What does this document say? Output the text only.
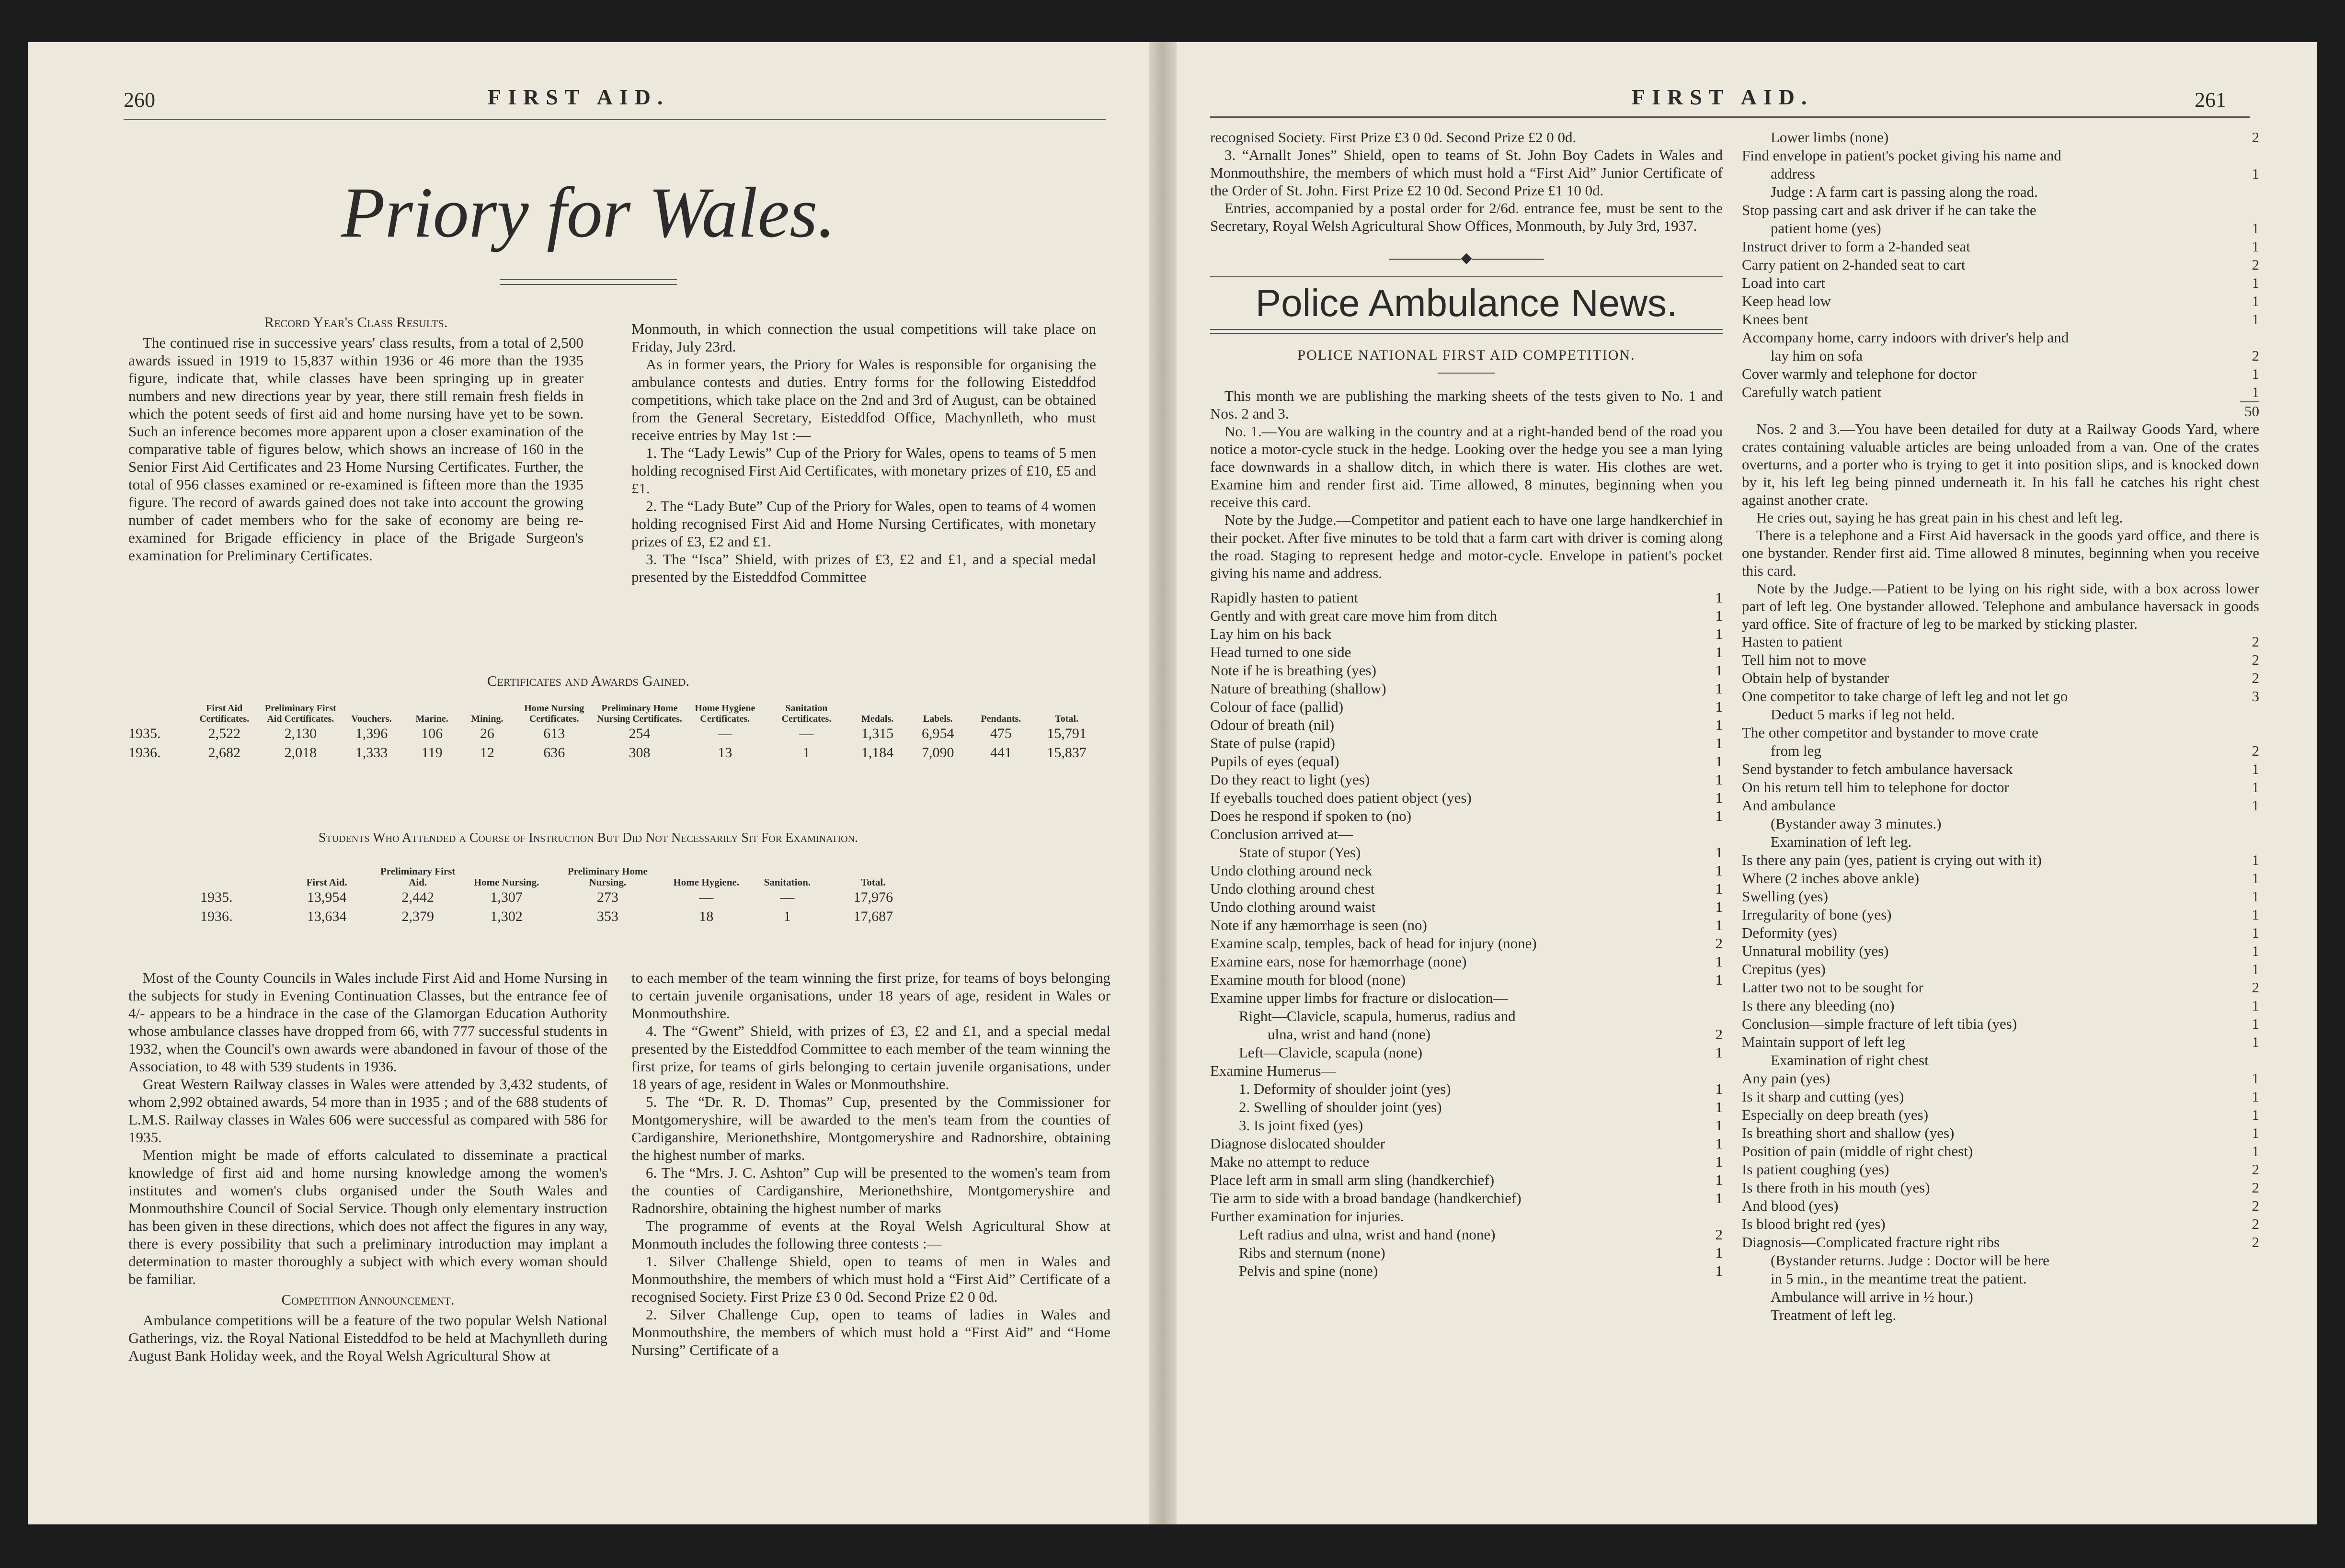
260	FIRST AID.
Priory for Wales.
Record Year's Class Results.

The continued rise in successive years' class results, from a total of 2,500 awards issued in 1919 to 15,837 within 1936 or 46 more than the 1935 figure, indicate that, while classes have been springing up in greater numbers and new directions year by year, there still remain fresh fields in which the potent seeds of first aid and home nursing have yet to be sown. Such an inference becomes more apparent upon a closer examination of the comparative table of figures below, which shows an increase of 160 in the Senior First Aid Certificates and 23 Home Nursing Certificates. Further, the total of 956 classes examined or re-examined is fifteen more than the 1935 figure. The record of awards gained does not take into account the growing number of cadet members who for the sake of economy are being re-examined for Brigade efficiency in place of the Brigade Surgeon's examination for Preliminary Certificates.

Monmouth, in which connection the usual competitions will take place on Friday, July 23rd.

As in former years, the Priory for Wales is responsible for organising the ambulance contests and duties. Entry forms for the following Eisteddfod competitions, which take place on the 2nd and 3rd of August, can be obtained from the General Secretary, Eisteddfod Office, Machynlleth, who must receive entries by May 1st :—

1. The “Lady Lewis” Cup of the Priory for Wales, opens to teams of 5 men holding recognised First Aid Certificates, with monetary prizes of £10, £5 and £1.

2. The “Lady Bute” Cup of the Priory for Wales, open to teams of 4 women holding recognised First Aid and Home Nursing Certificates, with monetary prizes of £3, £2 and £1.

3. The “Isca” Shield, with prizes of £3, £2 and £1, and a special medal presented by the Eisteddfod Committee

Certificates and Awards Gained.
	First Aid Certificates.	Preliminary First Aid Certificates.	Vouchers.	Marine.	Mining.	Home Nursing Certificates.	Preliminary Home Nursing Certificates.	Home Hygiene Certificates.	Sanitation Certificates.	Medals.	Labels.	Pendants.	Total.
1935.	2,522	2,130	1,396	106	26	613	254	—	—	1,315	6,954	475	15,791
1936.	2,682	2,018	1,333	119	12	636	308	13	1	1,184	7,090	441	15,837
Students Who Attended a Course of Instruction But Did Not Necessarily Sit For Examination.
	First Aid.	Preliminary First Aid.	Home Nursing.	Preliminary Home Nursing.	Home Hygiene.	Sanitation.	Total.
1935.	13,954	2,442	1,307	273	—	—	17,976
1936.	13,634	2,379	1,302	353	18	1	17,687

Most of the County Councils in Wales include First Aid and Home Nursing in the subjects for study in Evening Continuation Classes, but the entrance fee of 4/- appears to be a hindrace in the case of the Glamorgan Education Authority whose ambulance classes have dropped from 66, with 777 successful students in 1932, when the Council's own awards were abandoned in favour of those of the Association, to 48 with 539 students in 1936.

Great Western Railway classes in Wales were attended by 3,432 students, of whom 2,992 obtained awards, 54 more than in 1935 ; and of the 688 students of L.M.S. Railway classes in Wales 606 were successful as compared with 586 for 1935.

Mention might be made of efforts calculated to disseminate a practical knowledge of first aid and home nursing knowledge among the women's institutes and women's clubs organised under the South Wales and Monmouthshire Council of Social Service. Though only elementary instruction has been given in these directions, which does not affect the figures in any way, there is every possibility that such a preliminary introduction may implant a determination to master thoroughly a subject with which every woman should be familiar.

Competition Announcement.

Ambulance competitions will be a feature of the two popular Welsh National Gatherings, viz. the Royal National Eisteddfod to be held at Machynlleth during August Bank Holiday week, and the Royal Welsh Agricultural Show at

to each member of the team winning the first prize, for teams of boys belonging to certain juvenile organisations, under 18 years of age, resident in Wales or Monmouthshire.

4. The “Gwent” Shield, with prizes of £3, £2 and £1, and a special medal presented by the Eisteddfod Committee to each member of the team winning the first prize, for teams of girls belonging to certain juvenile organisations, under 18 years of age, resident in Wales or Monmouthshire.

5. The “Dr. R. D. Thomas” Cup, presented by the Commissioner for Montgomeryshire, will be awarded to the men's team from the counties of Cardiganshire, Merionethshire, Montgomeryshire and Radnorshire, obtaining the highest number of marks.

6. The “Mrs. J. C. Ashton” Cup will be presented to the women's team from the counties of Cardiganshire, Merionethshire, Montgomeryshire and Radnorshire, obtaining the highest number of marks

The programme of events at the Royal Welsh Agricultural Show at Monmouth includes the following three contests :—

1. Silver Challenge Shield, open to teams of men in Wales and Monmouthshire, the members of which must hold a “First Aid” Certificate of a recognised Society. First Prize £3 0 0d. Second Prize £2 0 0d.

2. Silver Challenge Cup, open to teams of ladies in Wales and Monmouthshire, the members of which must hold a “First Aid” and “Home Nursing” Certificate of a

FIRST AID.	261

recognised Society. First Prize £3 0 0d. Second Prize £2 0 0d.

3. “Arnallt Jones” Shield, open to teams of St. John Boy Cadets in Wales and Monmouthshire, the members of which must hold a “First Aid” Junior Certificate of the Order of St. John. First Prize £2 10 0d. Second Prize £1 10 0d.

Entries, accompanied by a postal order for 2/6d. entrance fee, must be sent to the Secretary, Royal Welsh Agricultural Show Offices, Monmouth, by July 3rd, 1937.

—————◆—————
Police Ambulance News.
POLICE NATIONAL FIRST AID COMPETITION.

This month we are publishing the marking sheets of the tests given to No. 1 and Nos. 2 and 3.

No. 1.—You are walking in the country and at a right-handed bend of the road you notice a motor-cycle stuck in the hedge. Looking over the hedge you see a man lying face downwards in a shallow ditch, in which there is water. His clothes are wet. Examine him and render first aid. Time allowed, 8 minutes, beginning when you receive this card.

Note by the Judge.—Competitor and patient each to have one large handkerchief in their pocket. After five minutes to be told that a farm cart with driver is coming along the road. Staging to represent hedge and motor-cycle. Envelope in patient's pocket giving his name and address.

Rapidly hasten to patient	1
Gently and with great care move him from ditch	1
Lay him on his back	1
Head turned to one side	1
Note if he is breathing (yes)	1
Nature of breathing (shallow)	1
Colour of face (pallid)	1
Odour of breath (nil)	1
State of pulse (rapid)	1
Pupils of eyes (equal)	1
Do they react to light (yes)	1
If eyeballs touched does patient object (yes)	1
Does he respond if spoken to (no)	1
Conclusion arrived at—
State of stupor (Yes)	1
Undo clothing around neck	1
Undo clothing around chest	1
Undo clothing around waist	1
Note if any hæmorrhage is seen (no)	1
Examine scalp, temples, back of head for injury (none)	2
Examine ears, nose for hæmorrhage (none)	1
Examine mouth for blood (none)	1
Examine upper limbs for fracture or dislocation—
Right—Clavicle, scapula, humerus, radius and
ulna, wrist and hand (none)	2
Left—Clavicle, scapula (none)	1
Examine Humerus—
1. Deformity of shoulder joint (yes)	1
2. Swelling of shoulder joint (yes)	1
3. Is joint fixed (yes)	1
Diagnose dislocated shoulder	1
Make no attempt to reduce	1
Place left arm in small arm sling (handkerchief)	1
Tie arm to side with a broad bandage (handkerchief)	1
Further examination for injuries.
Left radius and ulna, wrist and hand (none)	2
Ribs and sternum (none)	1
Pelvis and spine (none)	1
Lower limbs (none)	2
Find envelope in patient's pocket giving his name and
address	1
Judge : A farm cart is passing along the road.
Stop passing cart and ask driver if he can take the
patient home (yes)	1
Instruct driver to form a 2-handed seat	1
Carry patient on 2-handed seat to cart	2
Load into cart	1
Keep head low	1
Knees bent	1
Accompany home, carry indoors with driver's help and
lay him on sofa	2
Cover warmly and telephone for doctor	1
Carefully watch patient	1
50

Nos. 2 and 3.—You have been detailed for duty at a Railway Goods Yard, where crates containing valuable articles are being unloaded from a van. One of the crates overturns, and a porter who is trying to get it into position slips, and is knocked down by it, his left leg being pinned underneath it. In his fall he catches his right chest against another crate.

He cries out, saying he has great pain in his chest and left leg.

There is a telephone and a First Aid haversack in the goods yard office, and there is one bystander. Render first aid. Time allowed 8 minutes, beginning when you receive this card.

Note by the Judge.—Patient to be lying on his right side, with a box across lower part of left leg. One bystander allowed. Telephone and ambulance haversack in goods yard office. Site of fracture of leg to be marked by sticking plaster.

Hasten to patient	2
Tell him not to move	2
Obtain help of bystander	2
One competitor to take charge of left leg and not let go	3
Deduct 5 marks if leg not held.
The other competitor and bystander to move crate
from leg	2
Send bystander to fetch ambulance haversack	1
On his return tell him to telephone for doctor	1
And ambulance	1
(Bystander away 3 minutes.)
Examination of left leg.
Is there any pain (yes, patient is crying out with it)	1
Where (2 inches above ankle)	1
Swelling (yes)	1
Irregularity of bone (yes)	1
Deformity (yes)	1
Unnatural mobility (yes)	1
Crepitus (yes)	1
Latter two not to be sought for	2
Is there any bleeding (no)	1
Conclusion—simple fracture of left tibia (yes)	1
Maintain support of left leg	1
Examination of right chest
Any pain (yes)	1
Is it sharp and cutting (yes)	1
Especially on deep breath (yes)	1
Is breathing short and shallow (yes)	1
Position of pain (middle of right chest)	1
Is patient coughing (yes)	2
Is there froth in his mouth (yes)	2
And blood (yes)	2
Is blood bright red (yes)	2
Diagnosis—Complicated fracture right ribs	2
(Bystander returns. Judge : Doctor will be here
in 5 min., in the meantime treat the patient.
Ambulance will arrive in ½ hour.)
Treatment of left leg.
